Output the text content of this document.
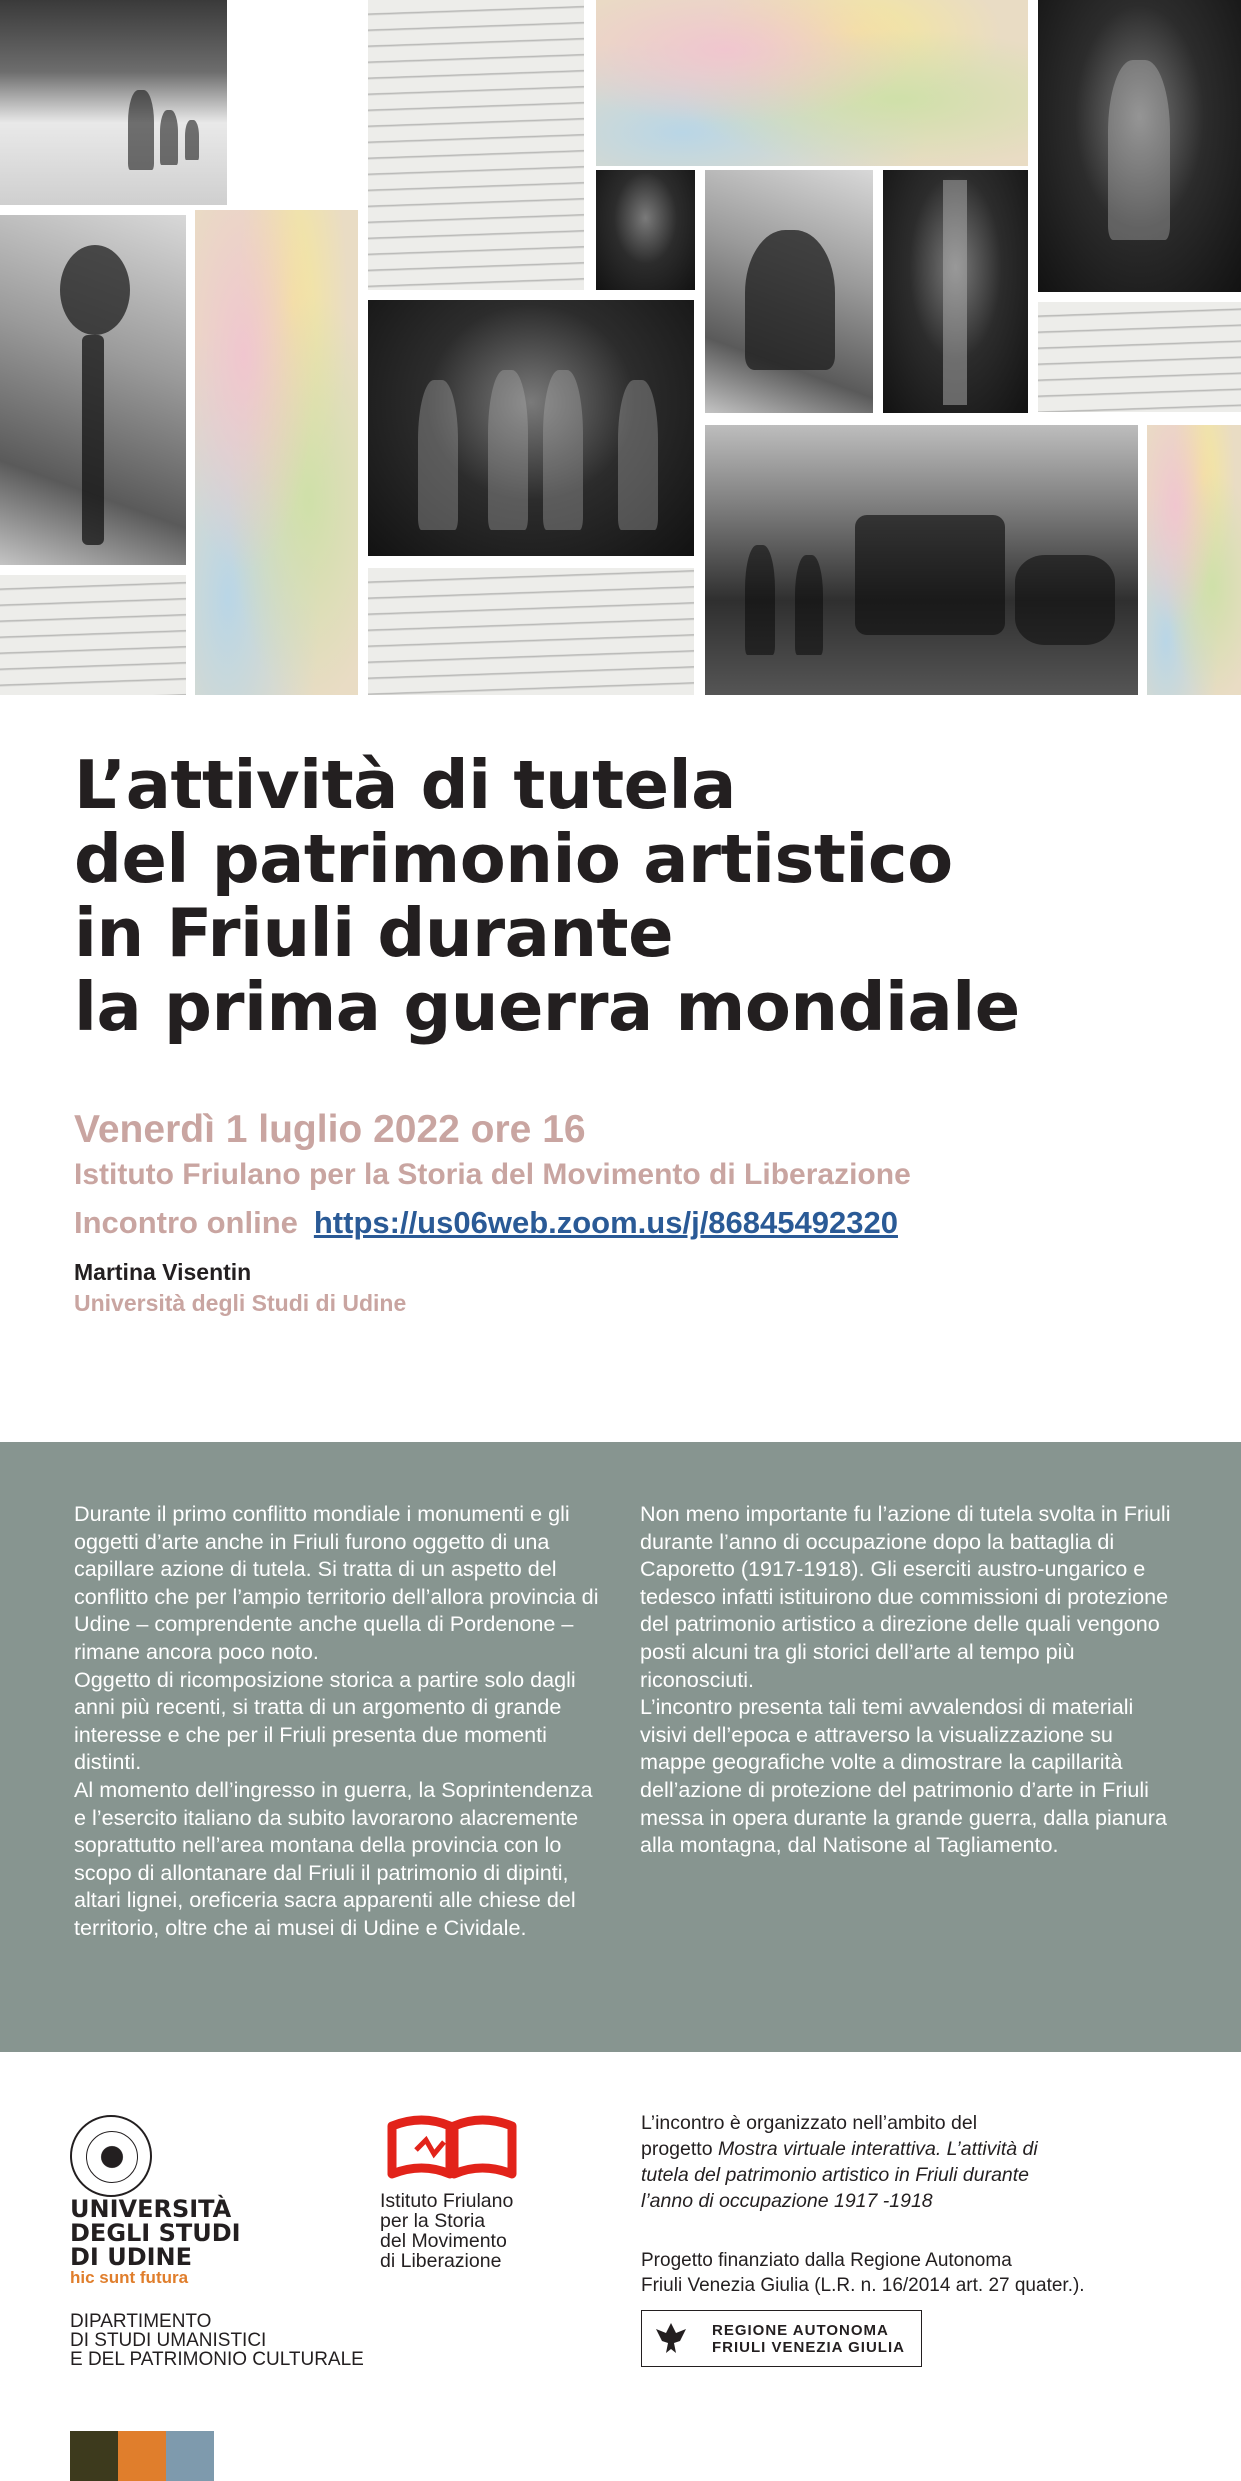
L’attività di tutela
del patrimonio artistico
in Friuli durante
la prima guerra mondiale
Venerdì 1 luglio 2022 ore 16
Istituto Friulano per la Storia del Movimento di Liberazione
Incontro online https://us06web.zoom.us/j/86845492320
Martina Visentin
Università degli Studi di Udine

Durante il primo conflitto mondiale i monumenti e gli oggetti d’arte anche in Friuli furono oggetto di una capillare azione di tutela. Si tratta di un aspetto del conflitto che per l’ampio territorio dell’allora provincia di Udine – comprendente anche quella di Pordenone – rimane ancora poco noto.

Oggetto di ricomposizione storica a partire solo dagli anni più recenti, si tratta di un argomento di grande interesse e che per il Friuli presenta due momenti distinti.

Al momento dell’ingresso in guerra, la Soprintendenza e l’esercito italiano da subito lavorarono alacremente soprattutto nell’area montana della provincia con lo scopo di allontanare dal Friuli il patrimonio di dipinti, altari lignei, oreficeria sacra apparenti alle chiese del territorio, oltre che ai musei di Udine e Cividale.

Non meno importante fu l’azione di tutela svolta in Friuli durante l’anno di occupazione dopo la battaglia di Caporetto (1917-1918). Gli eserciti austro-ungarico e tedesco infatti istituirono due commissioni di protezione del patrimonio artistico a direzione delle quali vengono posti alcuni tra gli storici dell’arte al tempo più riconosciuti.

L’incontro presenta tali temi avvalendosi di materiali visivi dell’epoca e attraverso la visualizzazione su mappe geografiche volte a dimostrare la capillarità dell’azione di protezione del patrimonio d’arte in Friuli messa in opera durante la grande guerra, dalla pianura alla montagna, dal Natisone al Tagliamento.

UNIVERSITÀ
DEGLI STUDI
DI UDINE
hic sunt futura
DIPARTIMENTO
DI STUDI UMANISTICI
E DEL PATRIMONIO CULTURALE
Istituto Friulano
per la Storia
del Movimento
di Liberazione
L’incontro è organizzato nell’ambito del
progetto Mostra virtuale interattiva. L’attività di
tutela del patrimonio artistico in Friuli durante
l’anno di occupazione 1917 -1918
Progetto finanziato dalla Regione Autonoma
Friuli Venezia Giulia (L.R. n. 16/2014 art. 27 quater.).
REGIONE AUTONOMA
FRIULI VENEZIA GIULIA
